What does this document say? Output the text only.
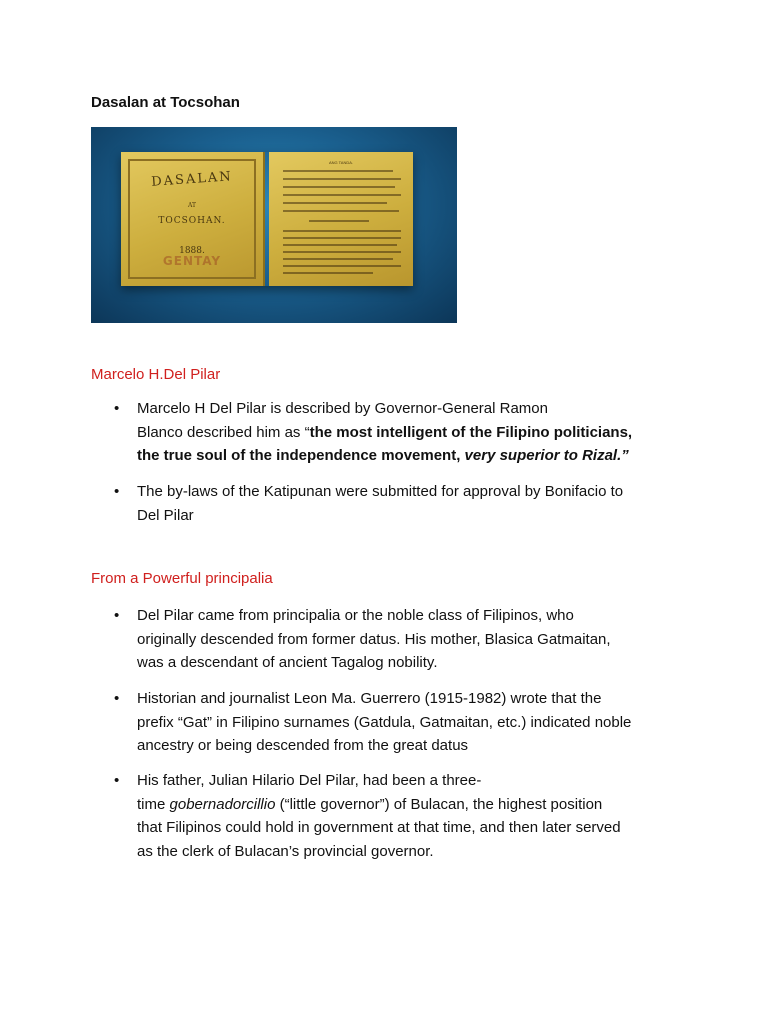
Dasalan at Tocsohan
DASALAN
AT
TOCSOHAN.
1888.
GENTAY
ANG TANDA.
Marcelo H.Del Pilar
• Marcelo H Del Pilar is described by Governor-General Ramon
Blanco described him as “the most intelligent of the Filipino politicians,
the true soul of the independence movement, very superior to Rizal.”
• The by-laws of the Katipunan were submitted for approval by Bonifacio to
Del Pilar
From a Powerful principalia
• Del Pilar came from principalia or the noble class of Filipinos, who
originally descended from former datus. His mother, Blasica Gatmaitan,
was a descendant of ancient Tagalog nobility.
• Historian and journalist Leon Ma. Guerrero (1915-1982) wrote that the
prefix “Gat” in Filipino surnames (Gatdula, Gatmaitan, etc.) indicated noble
ancestry or being descended from the great datus
• His father, Julian Hilario Del Pilar, had been a three-
time gobernadorcillio (“little governor”) of Bulacan, the highest position
that Filipinos could hold in government at that time, and then later served
as the clerk of Bulacan’s provincial governor.
